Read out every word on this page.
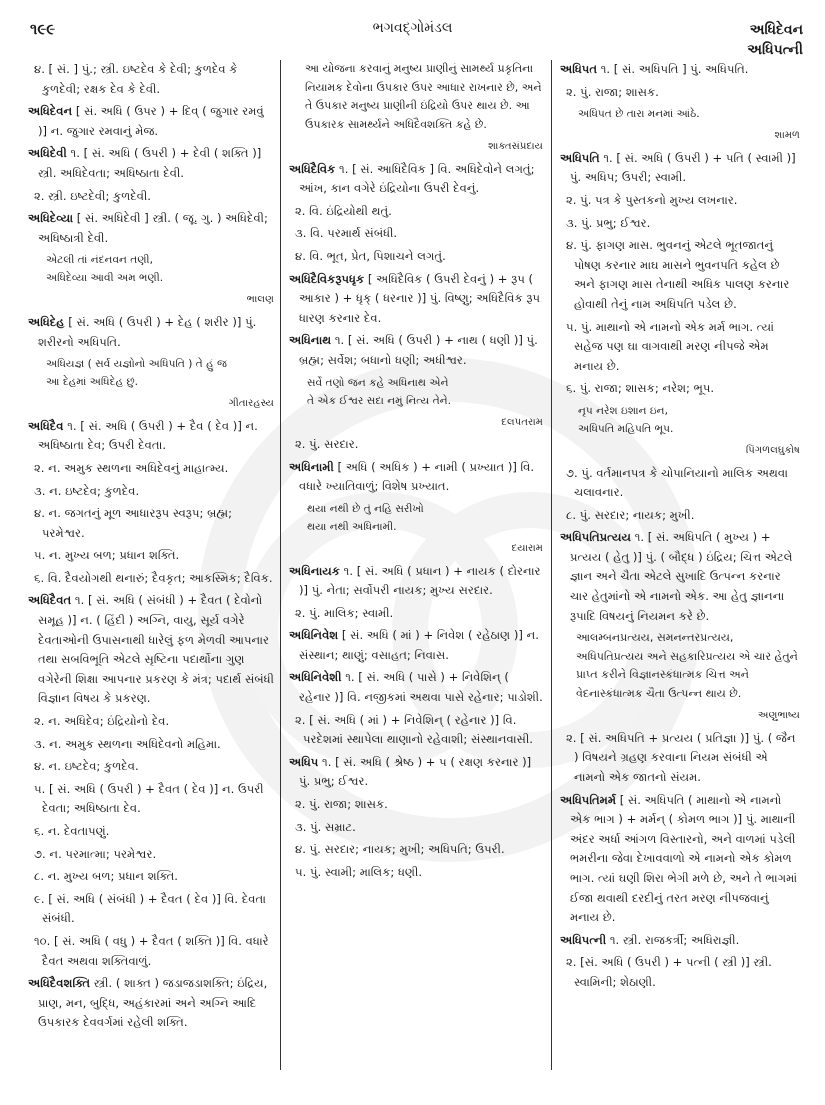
૧૯૯	ભગવદ્ગોમંડલ	અધિદેવન
અધિપત્ની
૪. [ સં. ] પું.; સ્ત્રી. ઇષ્ટદેવ કે દેવી; કુળદેવ કે કુળદેવી; રક્ષક દેવ કે દેવી.
અધિદેવન [ સં. અધિ ( ઉપર ) + દિવ્ ( જુગાર રમવું )] ન. જુગાર રમવાનું મેજ.
અધિદેવી ૧. [ સં. અધિ ( ઉપરી ) + દેવી ( શક્તિ )] સ્ત્રી. અધિદેવતા; અધિષ્ઠાતા દેવી.
૨. સ્ત્રી. ઇષ્ટદેવી; કુળદેવી.
અધિદેવ્યા [ સં. અધિદેવી ] સ્ત્રી. ( જૂ. ગુ. ) અધિદેવી; અધિષ્ઠાત્રી દેવી.
એટલી તાં નંદનવન તણી,
અધિદેવ્યા આવી અમ ભણી.
ભાલણ
અધિદેહ [ સં. અધિ ( ઉપરી ) + દેહ ( શરીર )] પું. શરીરનો અધિપતિ.
અધિયજ્ઞ ( સર્વ યજ્ઞોનો અધિપતિ ) તે હું જ
આ દેહમાં અધિદેહ છું.
ગીતારહસ્ય
અધિદૈવ ૧. [ સં. અધિ ( ઉપરી ) + દૈવ ( દેવ )] ન. અધિષ્ઠાતા દેવ; ઉપરી દેવતા.
૨. ન. અમુક સ્થળના અધિદેવનું માહાત્મ્ય.
૩. ન. ઇષ્ટદેવ; કુળદેવ.
૪. ન. જગતનું મૂળ આધારરૂપ સ્વરૂપ; બ્રહ્મ; પરમેશ્વર.
૫. ન. મુખ્ય બળ; પ્રધાન શક્તિ.
૬. વિ. દૈવયોગથી થનારું; દૈવકૃત; આકસ્મિક; દૈવિક.
અધિદૈવત ૧. [ સં. અધિ ( સંબંધી ) + દૈવત ( દેવોનો સમૂહ )] ન. ( હિંદી ) અગ્નિ, વાયુ, સૂર્ય વગેરે દેવતાઓની ઉપાસનાથી ધારેલું ફળ મેળવી આપનાર તથા સબવિભૂતિ એટલે સૃષ્ટિના પદાર્થોના ગુણ વગેરેની શિક્ષા આપનાર પ્રકરણ કે મંત્ર; પદાર્થ સંબંધી વિજ્ઞાન વિષય કે પ્રકરણ.
૨. ન. અધિદેવ; ઇંદ્રિયોનો દેવ.
૩. ન. અમુક સ્થળના અધિદેવનો મહિમા.
૪. ન. ઇષ્ટદેવ; કુળદેવ.
૫. [ સં. અધિ ( ઉપરી ) + દૈવત ( દેવ )] ન. ઉપરી દેવતા; અધિષ્ઠાતા દેવ.
૬. ન. દેવતાપણું.
૭. ન. પરમાત્મા; પરમેશ્વર.
૮. ન. મુખ્ય બળ; પ્રધાન શક્તિ.
૯. [ સં. અધિ ( સંબંધી ) + દૈવત ( દેવ )] વિ. દેવતા સંબંધી.
૧૦. [ સં. અધિ ( વધુ ) + દૈવત ( શક્તિ )] વિ. વધારે દૈવત અથવા શક્તિવાળું.
અધિદૈવશક્તિ સ્ત્રી. ( શાક્ત ) જડાજડાશક્તિ; ઇંદ્રિય, પ્રાણ, મન, બુદ્ધિ, અહંકારમાં અને અગ્નિ આદિ ઉપકારક દેવવર્ગમાં રહેલી શક્તિ.
આ યોજના કરવાનું મનુષ્ય પ્રાણીનું સામર્થ્ય પ્રકૃતિના નિયામક દેવોના ઉપકાર ઉપર આધાર રાખનાર છે, અને તે ઉપકાર મનુષ્ય પ્રાણીની ઇંદ્રિયો ઉપર થાય છે. આ ઉપકારક સામર્થ્યને અધિદૈવશક્તિ કહે છે.
શાક્તસંપ્રદાય
અધિદૈવિક ૧. [ સં. આધિદૈવિક ] વિ. અધિદેવોને લગતું; આંખ, કાન વગેરે ઇંદ્રિયોના ઉપરી દેવનું.
૨. વિ. ઇંદ્રિયોથી થતું.
૩. વિ. પરમાર્થ સંબંધી.
૪. વિ. ભૂત, પ્રેત, પિશાચને લગતું.
અધિદૈવિકરૂપધૃક [ અધિદૈવિક ( ઉપરી દેવનું ) + રૂપ ( આકાર ) + ધૃક્ ( ધરનાર )] પું. વિષ્ણુ; અધિદૈવિક રૂપ ધારણ કરનાર દેવ.
અધિનાથ ૧. [ સં. અધિ ( ઉપરી ) + નાથ ( ધણી )] પું. બ્રહ્મ; સર્વેશ; બધાનો ધણી; અધીશ્વર.
સર્વે તણો જન કહે અધિનાથ એને
તે એક ઈશ્વર સદા નમું નિત્ય તેને.
દલપતરામ
૨. પું. સરદાર.
અધિનામી [ અધિ ( અધિક ) + નામી ( પ્રખ્યાત )] વિ. વધારે ખ્યાતિવાળું; વિશેષ પ્રખ્યાત.
થયા નથી છે તું નહિ સરીખો
થયા નથી અધિનામી.
દયારામ
અધિનાયક ૧. [ સં. અધિ ( પ્રધાન ) + નાયક ( દોરનાર )] પું. નેતા; સર્વોપરી નાયક; મુખ્ય સરદાર.
૨. પું. માલિક; સ્વામી.
અધિનિવેશ [ સં. અધિ ( માં ) + નિવેશ ( રહેઠાણ )] ન. સંસ્થાન; થાણું; વસાહત; નિવાસ.
અધિનિવેશી ૧. [ સં. અધિ ( પાસે ) + નિવેશિન્ ( રહેનાર )] વિ. નજીકમાં અથવા પાસે રહેનાર; પાડોશી.
૨. [ સં. અધિ ( માં ) + નિવેશિન્ ( રહેનાર )] વિ. પરદેશમાં સ્થાપેલા થાણાનો રહેવાશી; સંસ્થાનવાસી.
અધિપ ૧. [ સં. અધિ ( શ્રેષ્ઠ ) + પ ( રક્ષણ કરનાર )] પું. પ્રભુ; ઈશ્વર.
૨. પું. રાજા; શાસક.
૩. પું. સમ્રાટ.
૪. પું. સરદાર; નાયક; મુખી; અધિપતિ; ઉપરી.
૫. પું. સ્વામી; માલિક; ધણી.
અધિપત ૧. [ સં. અધિપતિ ] પું. અધિપતિ.
૨. પું. રાજા; શાસક.
અધિપત છે તારા મનમાં આંઠે.
શામળ
અધિપતિ ૧. [ સં. અધિ ( ઉપરી ) + પતિ ( સ્વામી )] પું. અધિપ; ઉપરી; સ્વામી.
૨. પું. પત્ર કે પુસ્તકનો મુખ્ય લખનાર.
૩. પું. પ્રભુ; ઈશ્વર.
૪. પું. ફાગણ માસ. ભુવનનું એટલે ભૂતજાતનું પોષણ કરનાર માઘ માસને ભુવનપતિ કહેલ છે અને ફાગણ માસ તેનાથી અધિક પાલણ કરનાર હોવાથી તેનું નામ અધિપતિ પડેલ છે.
૫. પું. માથાનો એ નામનો એક મર્મ ભાગ. ત્યાં સહેજ પણ ઘા વાગવાથી મરણ નીપજે એમ મનાય છે.
૬. પું. રાજા; શાસક; નરેશ; ભૂપ.
નૃપ નરેશ ઇશાન ઇન,
અધિપતિ મહિપતિ ભૂપ.
પિંગળલઘુકોષ
૭. પું. વર્તમાનપત્ર કે ચોપાનિયાનો માલિક અથવા ચલાવનાર.
૮. પું. સરદાર; નાયક; મુખી.
અધિપતિપ્રત્યય ૧. [ સં. અધિપતિ ( મુખ્ય ) + પ્રત્યય ( હેતુ )] પું. ( બૌદ્ધ ) ઇંદ્રિય; ચિત્ત એટલે જ્ઞાન અને ચૈતા એટલે સુખાદિ ઉત્પન્ન કરનાર ચાર હેતુમાંનો એ નામનો એક. આ હેતુ જ્ઞાનના રૂપાદિ વિષયનું નિયમન કરે છે.
આલમ્બનપ્રત્યય, સમનન્તરપ્રત્યય, અધિપતિપ્રત્યય અને સહકારિપ્રત્યય એ ચાર હેતુને પ્રાપ્ત કરીને વિજ્ઞાનસ્કંધાત્મક ચિત્ત અને વેદનાસ્કંધાત્મક ચૈતા ઉત્પન્ન થાય છે.
અણુભાષ્ય
૨. [ સં. અધિપતિ + પ્રત્યય ( પ્રતિજ્ઞા )] પું. ( જૈન ) વિષયને ગ્રહણ કરવાના નિયમ સંબંધી એ નામનો એક જાતનો સંયમ.
અધિપતિમર્મ [ સં. અધિપતિ ( માથાનો એ નામનો એક ભાગ ) + મર્મન્ ( કોમળ ભાગ )] પું. માથાની અંદર અર્ધા આંગળ વિસ્તારનો, અને વાળમાં પડેલી ભમરીના જેવા દેખાવવાળો એ નામનો એક કોમળ ભાગ. ત્યાં ઘણી શિરા ભેગી મળે છે, અને તે ભાગમાં ઈજા થવાથી દરદીનું તરત મરણ નીપજવાનું મનાય છે.
અધિપત્ની ૧. સ્ત્રી. રાજકર્ત્રી; અધિરાજ્ઞી.
૨. [સં. અધિ ( ઉપરી ) + પત્ની ( સ્ત્રી )] સ્ત્રી. સ્વામિની; શેઠાણી.
